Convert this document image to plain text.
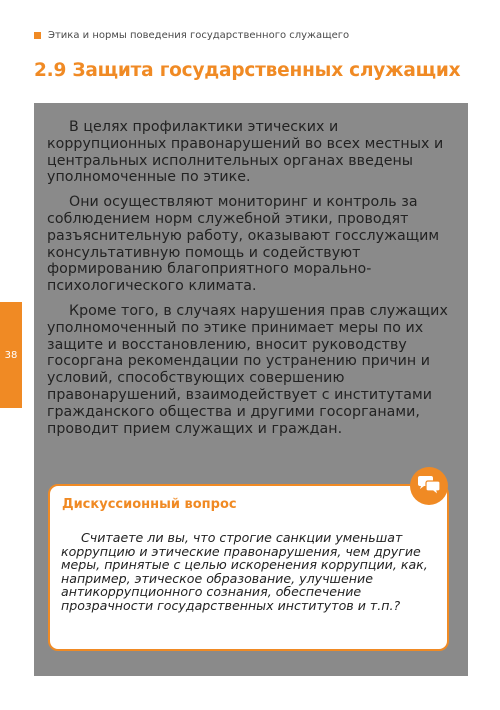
Этика и нормы поведения государственного служащего
2.9 Защита государственных служащих
38

В целях профилактики этических и коррупционных правонарушений во всех местных и центральных исполнительных органах введены уполномоченные по этике.

Они осуществляют мониторинг и контроль за соблюдением норм служебной этики, проводят разъяснительную работу, оказывают госслужащим консультативную помощь и содействуют формированию благоприятного морально-психологического климата.

Кроме того, в случаях нарушения прав служащих уполномоченный по этике принимает меры по их защите и восстановлению, вносит руководству госоргана рекомендации по устранению причин и условий, способствующих совершению правонарушений, взаимодействует с институтами гражданского общества и другими госорганами, проводит прием служащих и граждан.

Дискуссионный вопрос

Считаете ли вы, что строгие санкции уменьшат коррупцию и этические правонарушения, чем другие меры, принятые с целью искоренения коррупции, как, например, этическое образование, улучшение антикоррупционного сознания, обеспечение прозрачности государственных институтов и т.п.?
